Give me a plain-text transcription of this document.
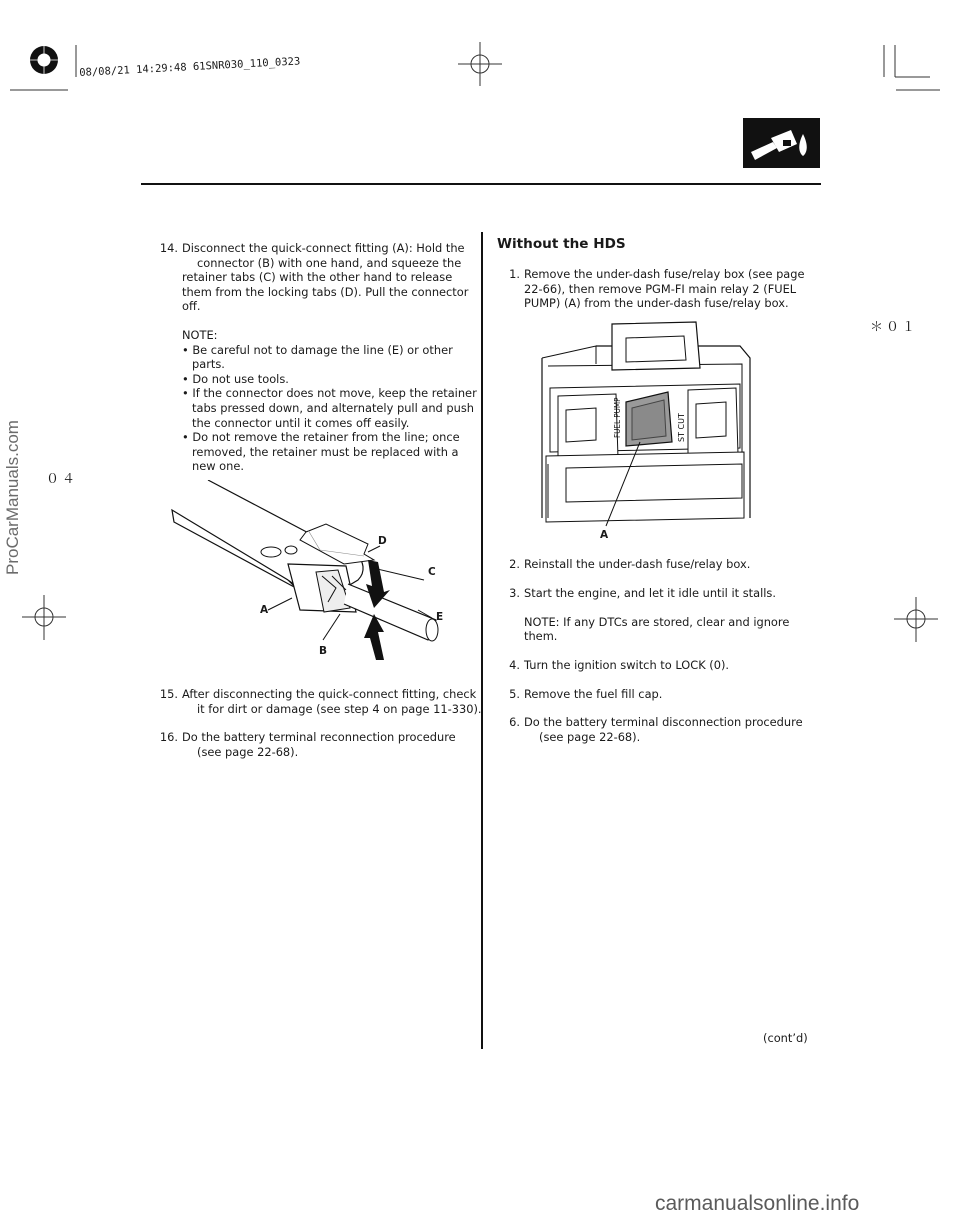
08/08/21 14:29:48 61SNR030_110_0323
＊０１
０４
ProCarManuals.com
14. Disconnect the quick-connect fitting (A): Hold the
connector (B) with one hand, and squeeze the
retainer tabs (C) with the other hand to release
them from the locking tabs (D). Pull the connector
off.
NOTE:
• Be careful not to damage the line (E) or other parts.
• Do not use tools.
• If the connector does not move, keep the retainer tabs pressed down, and alternately pull and push the connector until it comes off easily.
• Do not remove the retainer from the line; once removed, the retainer must be replaced with a new one.
D
C
A
E
B
15. After disconnecting the quick-connect fitting, check
it for dirt or damage (see step 4 on page 11-330).
16. Do the battery terminal reconnection procedure
(see page 22-68).
Without the HDS
1. Remove the under-dash fuse/relay box (see page
22-66), then remove PGM-FI main relay 2 (FUEL
PUMP) (A) from the under-dash fuse/relay box.
FUEL PUMP	ST CUT
A
2. Reinstall the under-dash fuse/relay box.
3. Start the engine, and let it idle until it stalls.
NOTE: If any DTCs are stored, clear and ignore
them.
4. Turn the ignition switch to LOCK (0).
5. Remove the fuel fill cap.
6. Do the battery terminal disconnection procedure
(see page 22-68).
(cont’d)
carmanualsonline.info
